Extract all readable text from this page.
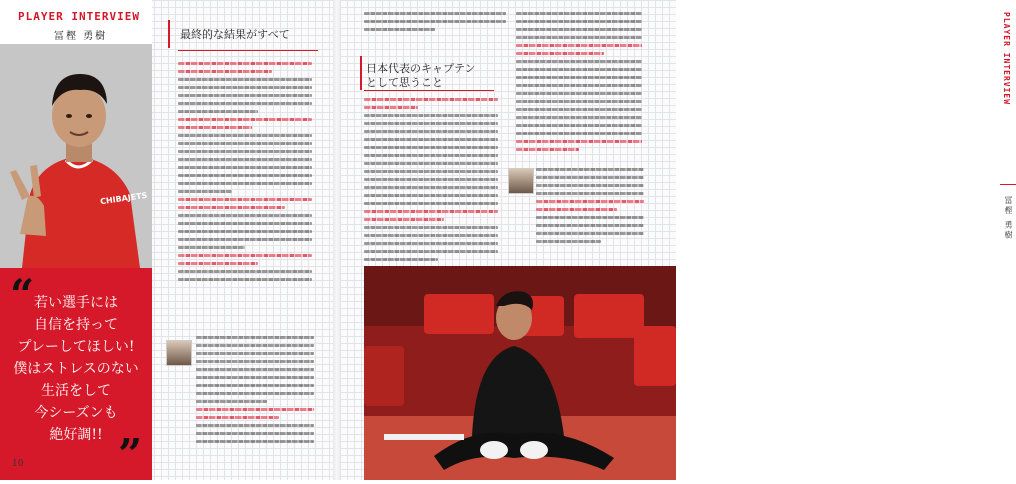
PLAYER INTERVIEW
冨樫 勇樹
CHIBAJETS
“ 若い選手には
自信を持って
プレーしてほしい!
僕はストレスのない
生活をして
今シーズンも
絶好調!! ”
最終的な結果がすべて
10
日本代表のキャプテン
として思うこと	PLAYER INTERVIEW
冨樫 勇樹
